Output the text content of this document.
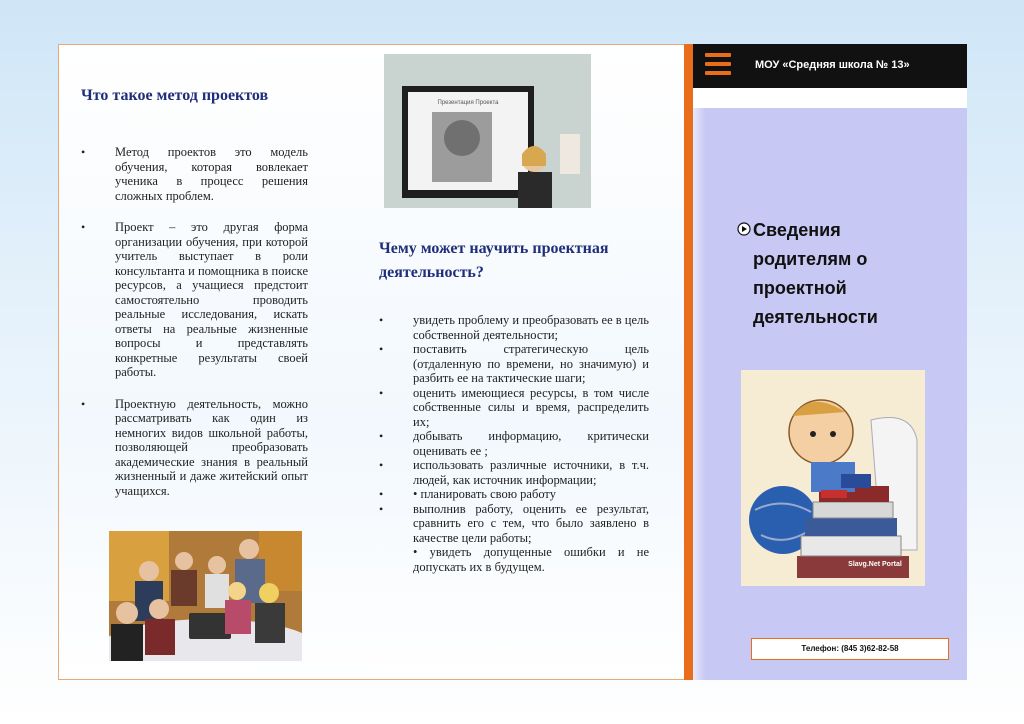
Что такое метод проектов
• Метод проектов это модель обучения, которая вовлекает ученика в процесс решения сложных проблем.
• Проект – это другая форма организации обучения, при которой учитель выступает в роли консультанта и помощника в поиске ресурсов, а учащиеся предстоит самостоятельно проводить реальные исследования, искать ответы на реальные жизненные вопросы и представлять конкретные результаты своей работы.
• Проектную деятельность, можно рассматривать как один из немногих видов школьной работы, позволяющей преобразовать академические знания в реальный жизненный и даже житейский опыт учащихся.
Презентация Проекта
Чему может научить проектная деятельность?
• увидеть проблему и преобразовать ее в цель собственной деятельности;
• поставить стратегическую цель (отдаленную по времени, но значимую) и разбить ее на тактические шаги;
• оценить имеющиеся ресурсы, в том числе собственные силы и время, распределить их;
• добывать информацию, критически оценивать ее ;
• использовать различные источники, в т.ч. людей, как источник информации;
• • планировать свою работу
• выполнив работу, оценить ее результат, сравнить его с тем, что было заявлено в качестве цели работы;
• увидеть допущенные ошибки и не допускать их в будущем.
МОУ «Средняя школа № 13»
Сведения родителям о проектной деятельности
Slavg.Net Portal
Телефон: (845 3)62-82-58
